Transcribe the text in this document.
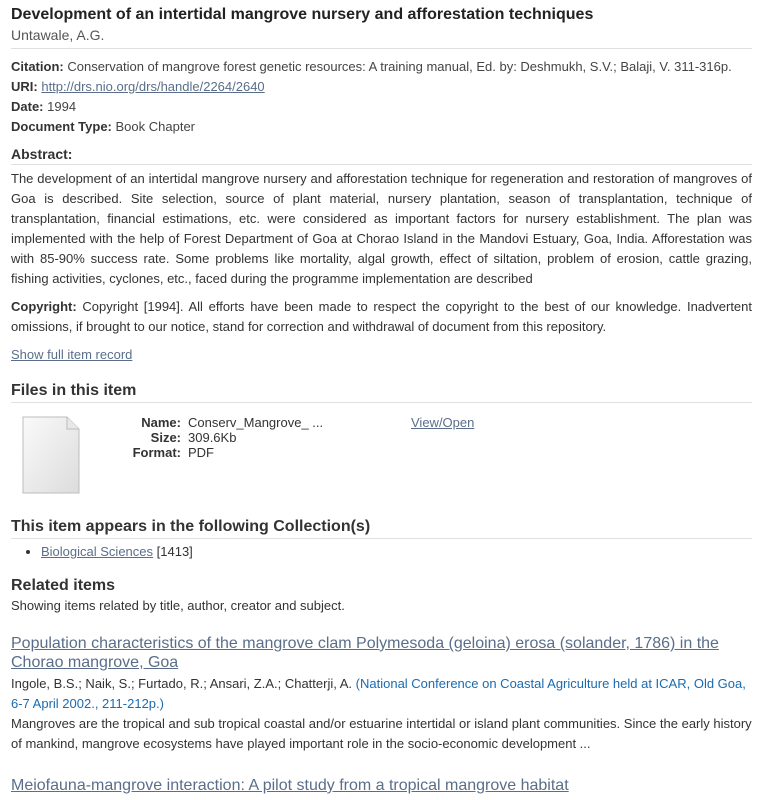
Development of an intertidal mangrove nursery and afforestation techniques
Untawale, A.G.
Citation: Conservation of mangrove forest genetic resources: A training manual, Ed. by: Deshmukh, S.V.; Balaji, V. 311-316p.
URI: http://drs.nio.org/drs/handle/2264/2640
Date: 1994
Document Type: Book Chapter
Abstract:
The development of an intertidal mangrove nursery and afforestation technique for regeneration and restoration of mangroves of Goa is described. Site selection, source of plant material, nursery plantation, season of transplantation, technique of transplantation, financial estimations, etc. were considered as important factors for nursery establishment. The plan was implemented with the help of Forest Department of Goa at Chorao Island in the Mandovi Estuary, Goa, India. Afforestation was with 85-90% success rate. Some problems like mortality, algal growth, effect of siltation, problem of erosion, cattle grazing, fishing activities, cyclones, etc., faced during the programme implementation are described
Copyright: Copyright [1994]. All efforts have been made to respect the copyright to the best of our knowledge. Inadvertent omissions, if brought to our notice, stand for correction and withdrawal of document from this repository.
Show full item record
Files in this item
Name: Conserv_Mangrove_ ...
Size: 309.6Kb
Format: PDF
View/Open
This item appears in the following Collection(s)
• Biological Sciences [1413]
Related items
Showing items related by title, author, creator and subject.
Population characteristics of the mangrove clam Polymesoda (geloina) erosa (solander, 1786) in the Chorao mangrove, Goa
Ingole, B.S.; Naik, S.; Furtado, R.; Ansari, Z.A.; Chatterji, A. (National Conference on Coastal Agriculture held at ICAR, Old Goa, 6-7 April 2002., 211-212p.)
Mangroves are the tropical and sub tropical coastal and/or estuarine intertidal or island plant communities. Since the early history of mankind, mangrove ecosystems have played important role in the socio-economic development ...
Meiofauna-mangrove interaction: A pilot study from a tropical mangrove habitat
